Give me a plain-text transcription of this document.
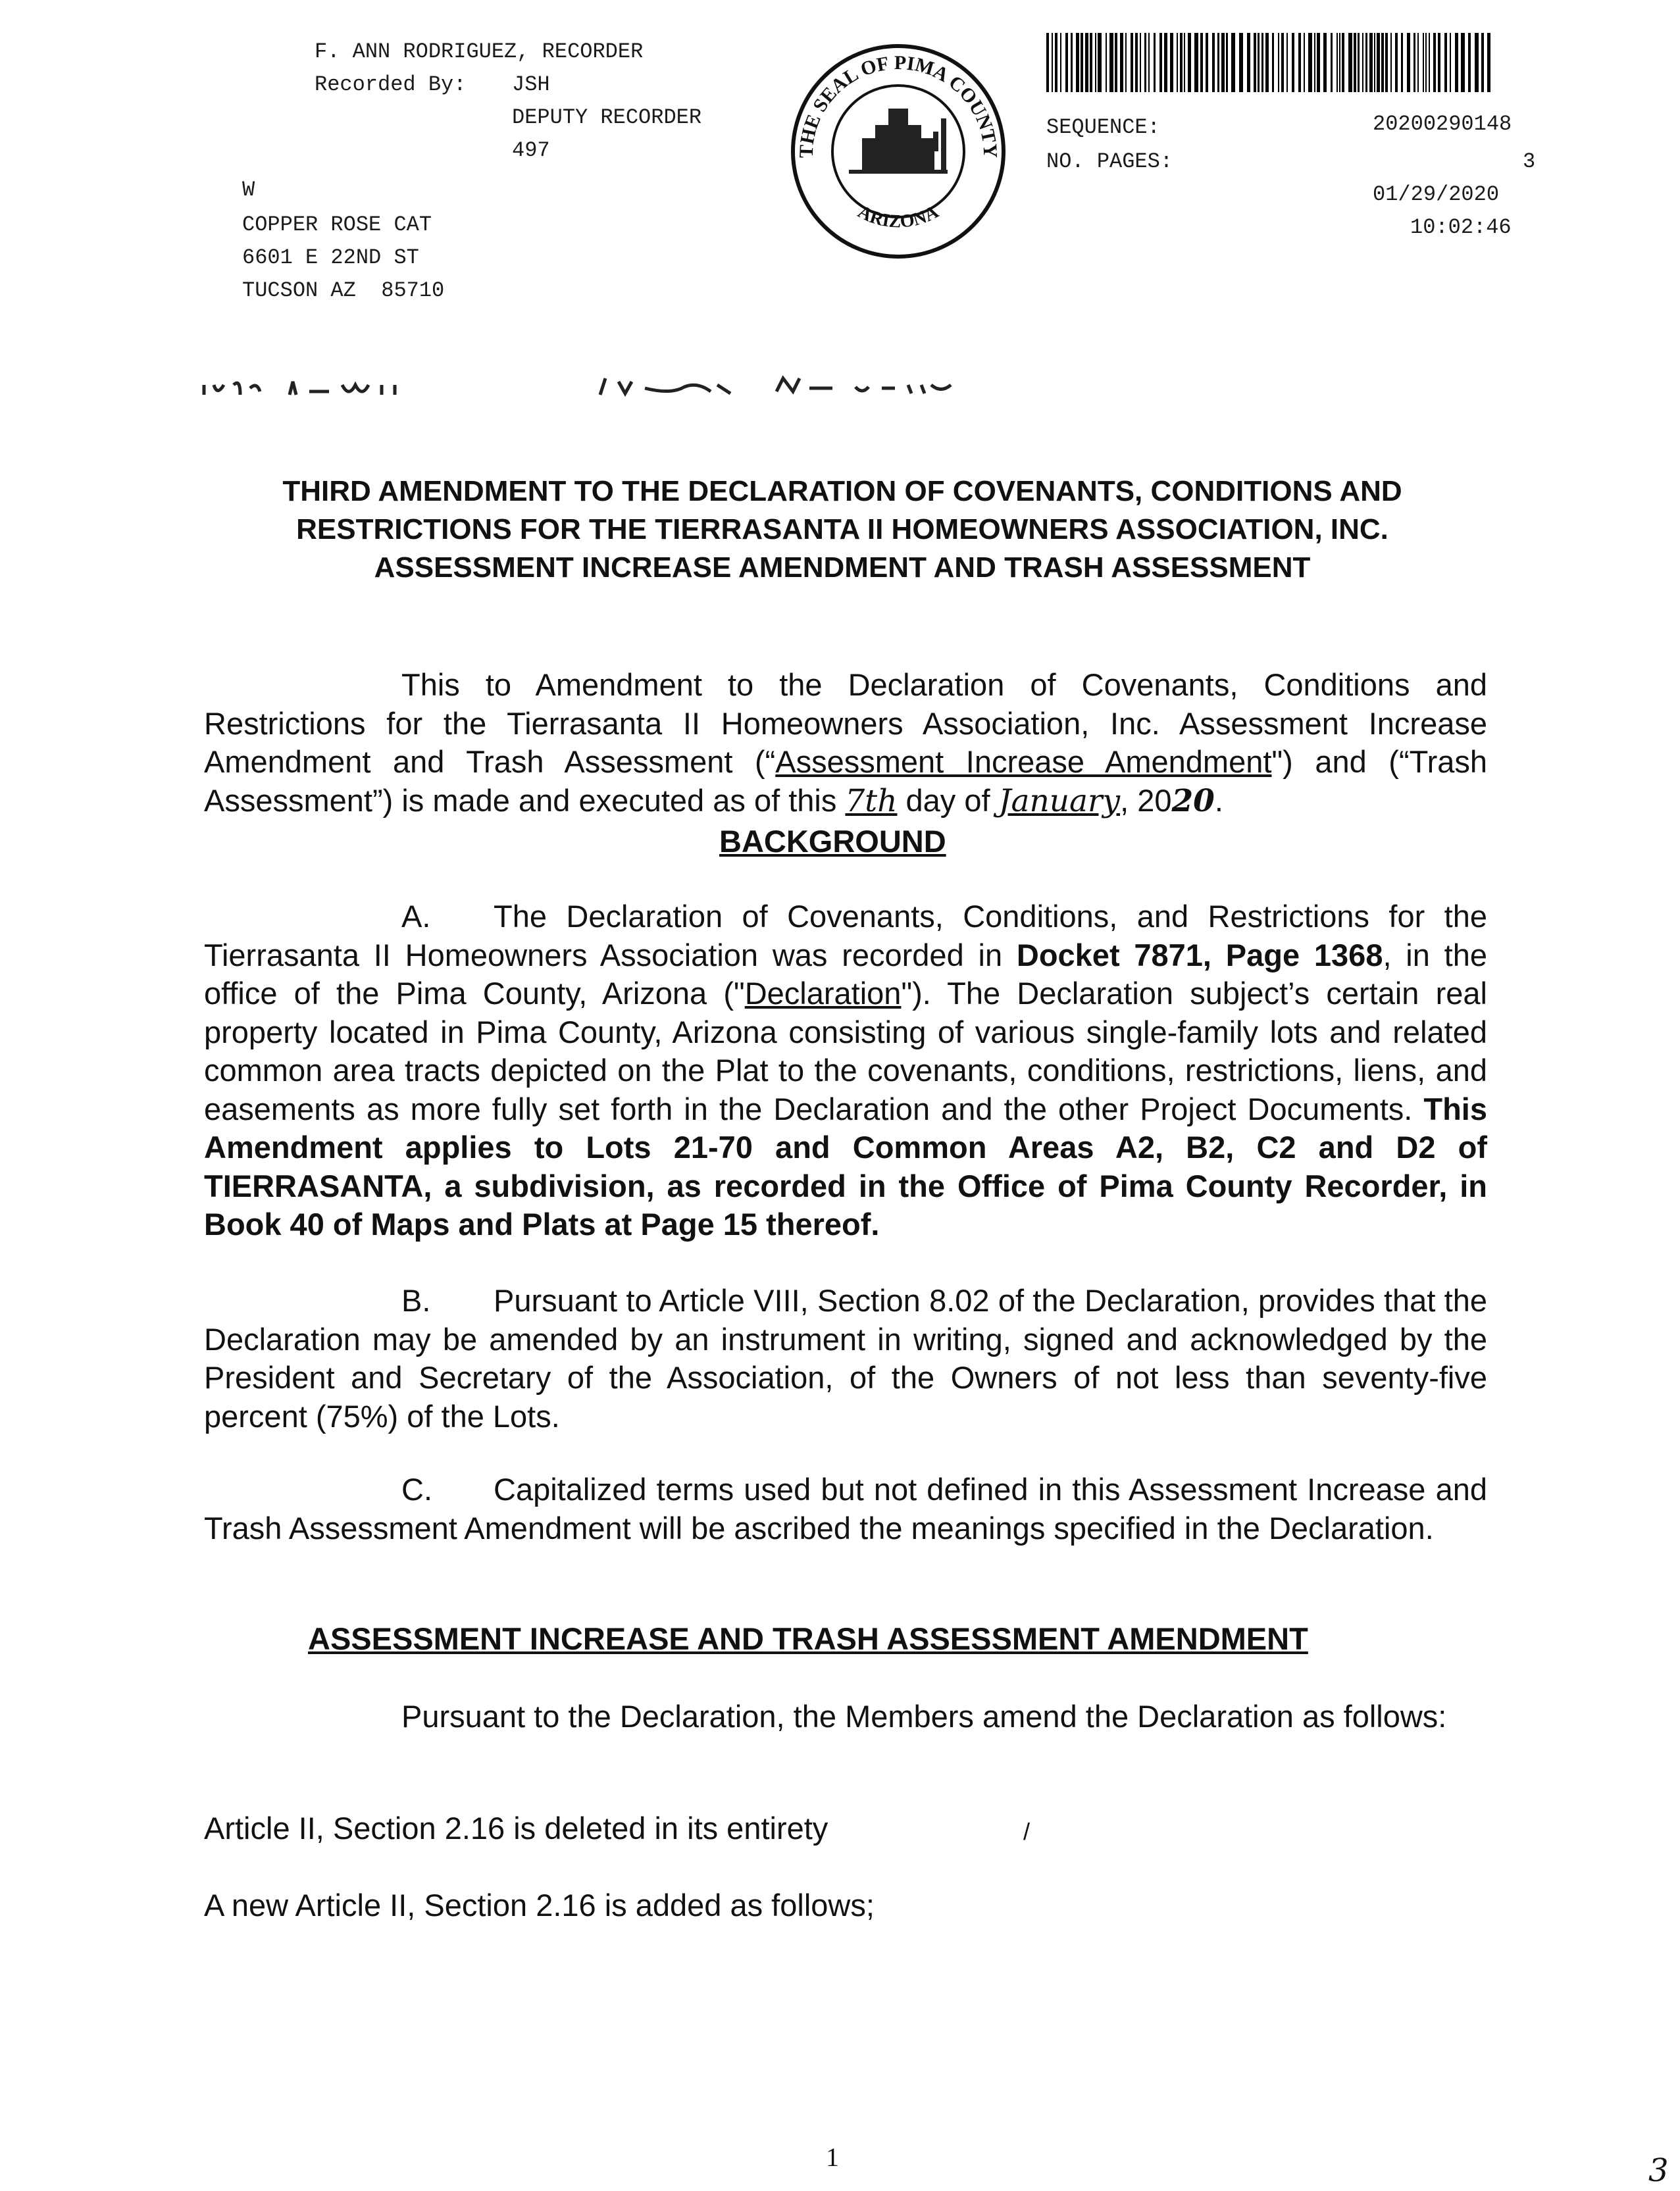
F. ANN RODRIGUEZ, RECORDER
Recorded By: JSH
DEPUTY RECORDER
497
W
COPPER ROSE CAT
6601 E 22ND ST
TUCSON AZ  85710
THE SEAL OF PIMA COUNTY
ARIZONA
SEQUENCE:	20200290148
NO. PAGES:	3
01/29/2020
10:02:46
THIRD AMENDMENT TO THE DECLARATION OF COVENANTS, CONDITIONS AND
RESTRICTIONS FOR THE TIERRASANTA II HOMEOWNERS ASSOCIATION, INC.
ASSESSMENT INCREASE AMENDMENT AND TRASH ASSESSMENT
This to Amendment to the Declaration of Covenants, Conditions and Restrictions for the Tierrasanta II Homeowners Association, Inc. Assessment Increase Amendment and Trash Assessment (“Assessment Increase Amendment") and (“Trash Assessment”) is made and executed as of this 7th day of January, 2020.
BACKGROUND
A. The Declaration of Covenants, Conditions, and Restrictions for the Tierrasanta II Homeowners Association was recorded in Docket 7871, Page 1368, in the office of the Pima County, Arizona ("Declaration"). The Declaration subject’s certain real property located in Pima County, Arizona consisting of various single-family lots and related common area tracts depicted on the Plat to the covenants, conditions, restrictions, liens, and easements as more fully set forth in the Declaration and the other Project Documents. This Amendment applies to Lots 21-70 and Common Areas A2, B2, C2 and D2 of TIERRASANTA, a subdivision, as recorded in the Office of Pima County Recorder, in Book 40 of Maps and Plats at Page 15 thereof.
B. Pursuant to Article VIII, Section 8.02 of the Declaration, provides that the Declaration may be amended by an instrument in writing, signed and acknowledged by the President and Secretary of the Association, of the Owners of not less than seventy-five percent (75%) of the Lots.
C. Capitalized terms used but not defined in this Assessment Increase and Trash Assessment Amendment will be ascribed the meanings specified in the Declaration.
ASSESSMENT INCREASE AND TRASH ASSESSMENT AMENDMENT
Pursuant to the Declaration, the Members amend the Declaration as follows:
Article II, Section 2.16 is deleted in its entirety	/
A new Article II, Section 2.16 is added as follows;
1	3
